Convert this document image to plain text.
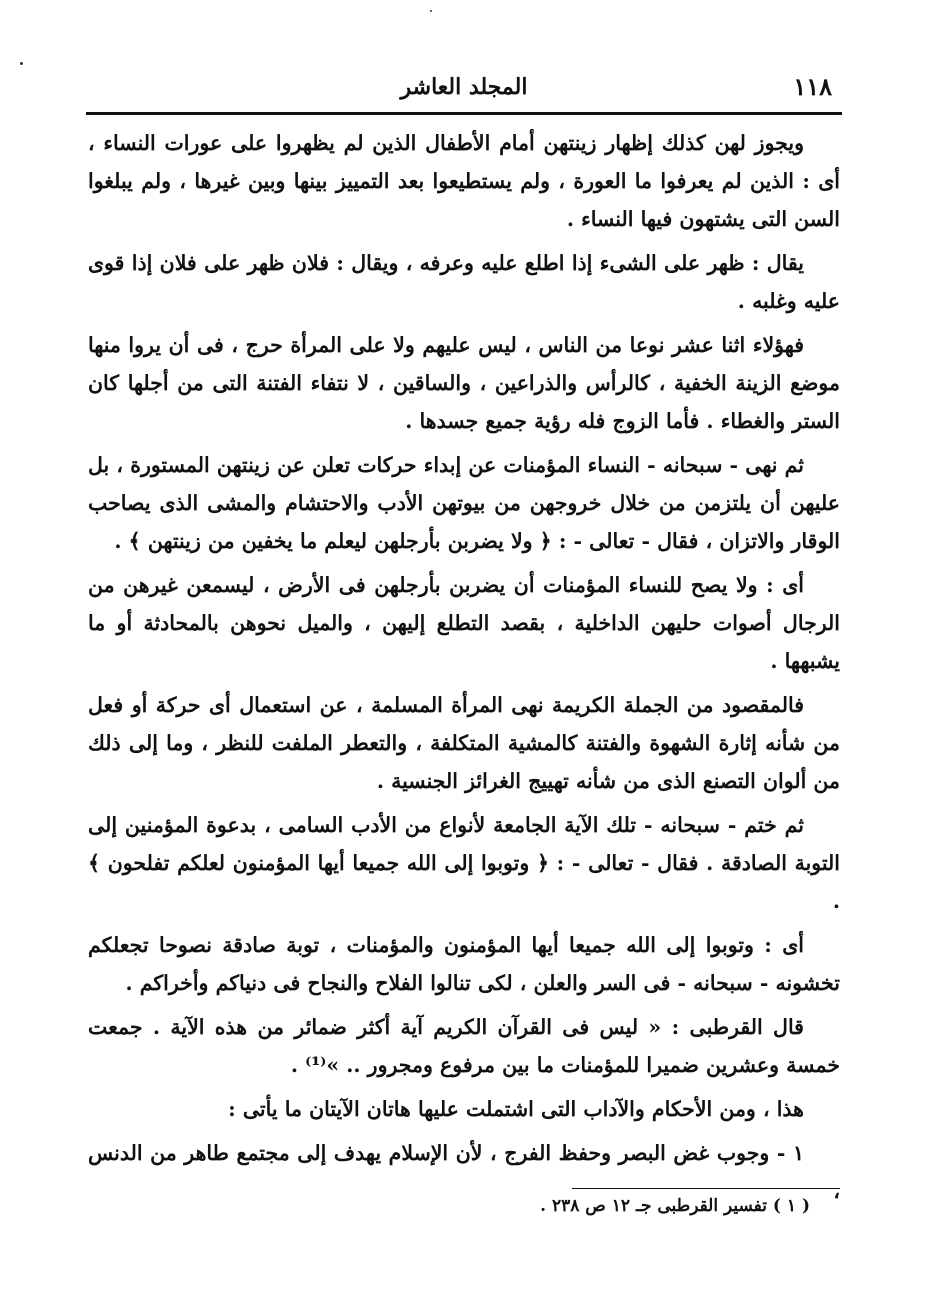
١١٨
المجلد العاشر

ويجوز لهن كذلك إظهار زينتهن أمام الأطفال الذين لم يظهروا على عورات النساء ، أى : الذين لم يعرفوا ما العورة ، ولم يستطيعوا بعد التمييز بينها وبين غيرها ، ولم يبلغوا السن التى يشتهون فيها النساء .

يقال : ظهر على الشىء إذا اطلع عليه وعرفه ، ويقال : فلان ظهر على فلان إذا قوى عليه وغلبه .

فهؤلاء اثنا عشر نوعا من الناس ، ليس عليهم ولا على المرأة حرج ، فى أن يروا منها موضع الزينة الخفية ، كالرأس والذراعين ، والساقين ، لا نتفاء الفتنة التى من أجلها كان الستر والغطاء . فأما الزوج فله رؤية جميع جسدها .

ثم نهى - سبحانه - النساء المؤمنات عن إبداء حركات تعلن عن زينتهن المستورة ، بل عليهن أن يلتزمن من خلال خروجهن من بيوتهن الأدب والاحتشام والمشى الذى يصاحب الوقار والاتزان ، فقال - تعالى - : ﴿ ولا يضربن بأرجلهن ليعلم ما يخفين من زينتهن ﴾ .

أى : ولا يصح للنساء المؤمنات أن يضربن بأرجلهن فى الأرض ، ليسمعن غيرهن من الرجال أصوات حليهن الداخلية ، بقصد التطلع إليهن ، والميل نحوهن بالمحادثة أو ما يشبهها .

فالمقصود من الجملة الكريمة نهى المرأة المسلمة ، عن استعمال أى حركة أو فعل من شأنه إثارة الشهوة والفتنة كالمشية المتكلفة ، والتعطر الملفت للنظر ، وما إلى ذلك من ألوان التصنع الذى من شأنه تهييج الغرائز الجنسية .

ثم ختم - سبحانه - تلك الآية الجامعة لأنواع من الأدب السامى ، بدعوة المؤمنين إلى التوبة الصادقة . فقال - تعالى - : ﴿ وتوبوا إلى الله جميعا أيها المؤمنون لعلكم تفلحون ﴾ .

أى : وتوبوا إلى الله جميعا أيها المؤمنون والمؤمنات ، توبة صادقة نصوحا تجعلكم تخشونه - سبحانه - فى السر والعلن ، لكى تنالوا الفلاح والنجاح فى دنياكم وأخراكم .

قال القرطبى : « ليس فى القرآن الكريم آية أكثر ضمائر من هذه الآية . جمعت خمسة وعشرين ضميرا للمؤمنات ما بين مرفوع ومجرور .. »⁽¹⁾ .

هذا ، ومن الأحكام والآداب التى اشتملت عليها هاتان الآيتان ما يأتى :

١ - وجوب غض البصر وحفظ الفرج ، لأن الإسلام يهدف إلى مجتمع طاهر من الدنس ،

( ١ ) تفسير القرطبى جـ ١٢ ص ٢٣٨ .
